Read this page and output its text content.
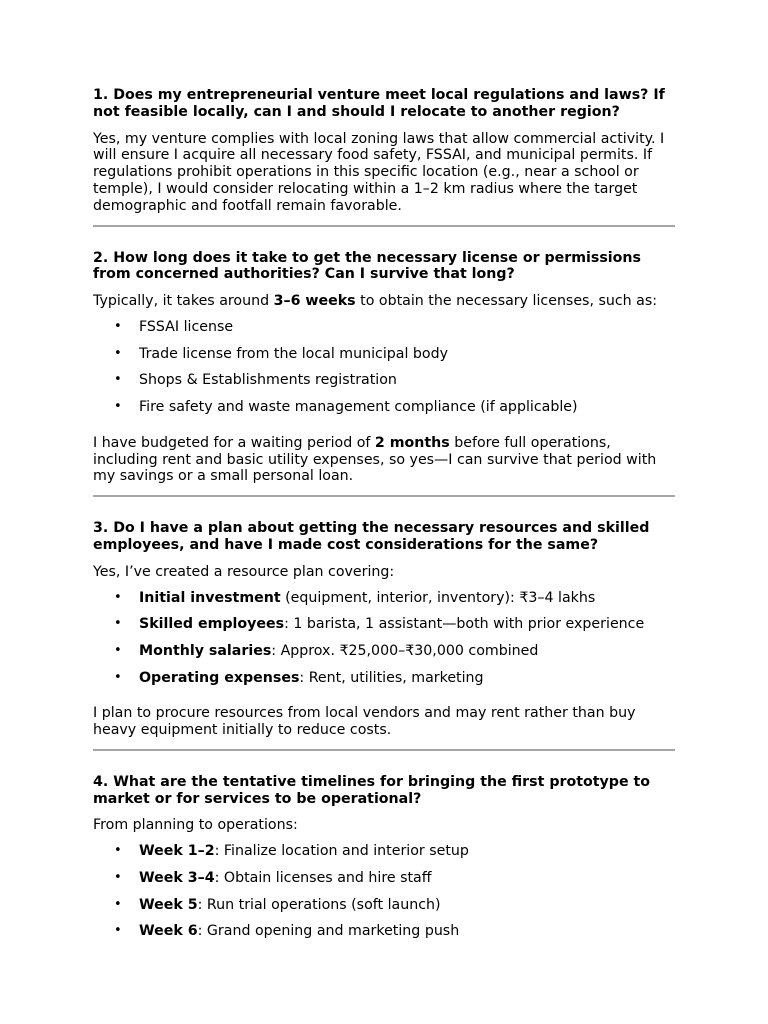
1. Does my entrepreneurial venture meet local regulations and laws? If not feasible locally, can I and should I relocate to another region?
Yes, my venture complies with local zoning laws that allow commercial activity. I will ensure I acquire all necessary food safety, FSSAI, and municipal permits. If regulations prohibit operations in this specific location (e.g., near a school or temple), I would consider relocating within a 1–2 km radius where the target demographic and footfall remain favorable.
2. How long does it take to get the necessary license or permissions from concerned authorities? Can I survive that long?
Typically, it takes around 3–6 weeks to obtain the necessary licenses, such as:
• FSSAI license
• Trade license from the local municipal body
• Shops & Establishments registration
• Fire safety and waste management compliance (if applicable)
I have budgeted for a waiting period of 2 months before full operations, including rent and basic utility expenses, so yes—I can survive that period with my savings or a small personal loan.
3. Do I have a plan about getting the necessary resources and skilled employees, and have I made cost considerations for the same?
Yes, I’ve created a resource plan covering:
• Initial investment (equipment, interior, inventory): ₹3–4 lakhs
• Skilled employees: 1 barista, 1 assistant—both with prior experience
• Monthly salaries: Approx. ₹25,000–₹30,000 combined
• Operating expenses: Rent, utilities, marketing
I plan to procure resources from local vendors and may rent rather than buy heavy equipment initially to reduce costs.
4. What are the tentative timelines for bringing the first prototype to market or for services to be operational?
From planning to operations:
• Week 1–2: Finalize location and interior setup
• Week 3–4: Obtain licenses and hire staff
• Week 5: Run trial operations (soft launch)
• Week 6: Grand opening and marketing push
